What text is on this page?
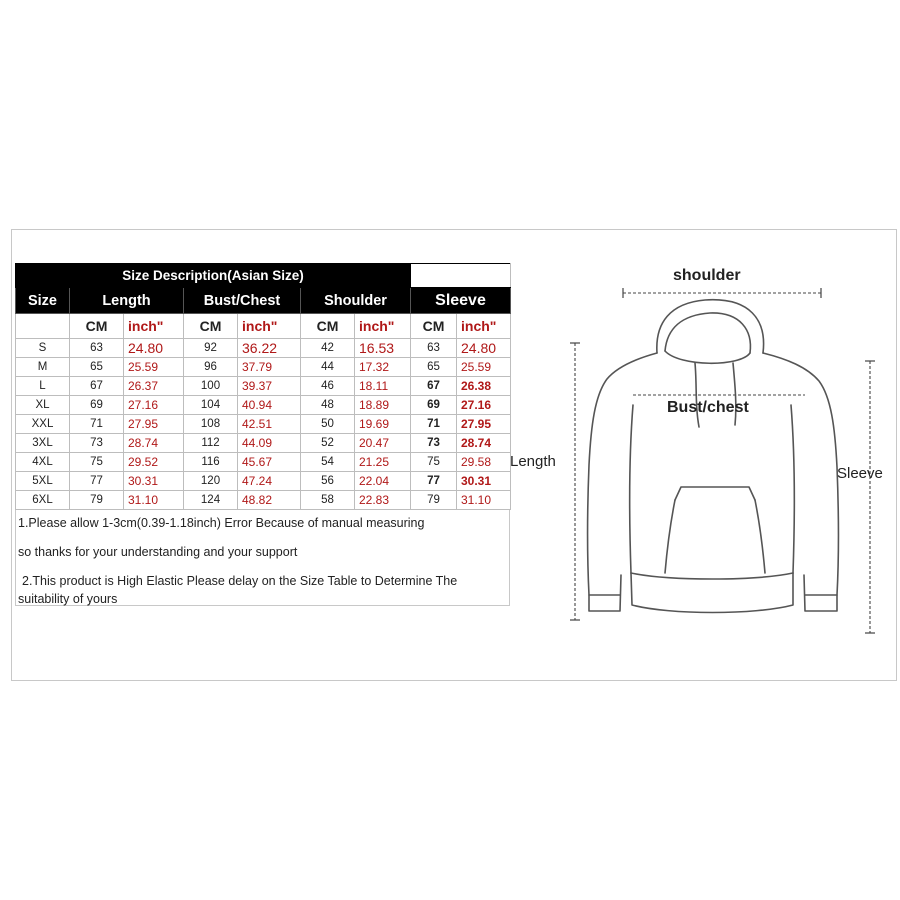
Size Description(Asian Size)								
Size	Length		Bust/Chest		Shoulder		Sleeve	
	CM	inch"	CM	inch"	CM	inch"	CM	inch"
S	63	24.80	92	36.22	42	16.53	63	24.80
M	65	25.59	96	37.79	44	17.32	65	25.59
L	67	26.37	100	39.37	46	18.11	67	26.38
XL	69	27.16	104	40.94	48	18.89	69	27.16
XXL	71	27.95	108	42.51	50	19.69	71	27.95
3XL	73	28.74	112	44.09	52	20.47	73	28.74
4XL	75	29.52	116	45.67	54	21.25	75	29.58
5XL	77	30.31	120	47.24	56	22.04	77	30.31
6XL	79	31.10	124	48.82	58	22.83	79	31.10
1.Please allow 1-3cm(0.39-1.18inch) Error Because of manual measuring
so thanks for your understanding and your support
2.This product is High Elastic Please delay on the Size Table to Determine The
suitability of yours
shoulder
Bust/chest
Length
Sleeve
